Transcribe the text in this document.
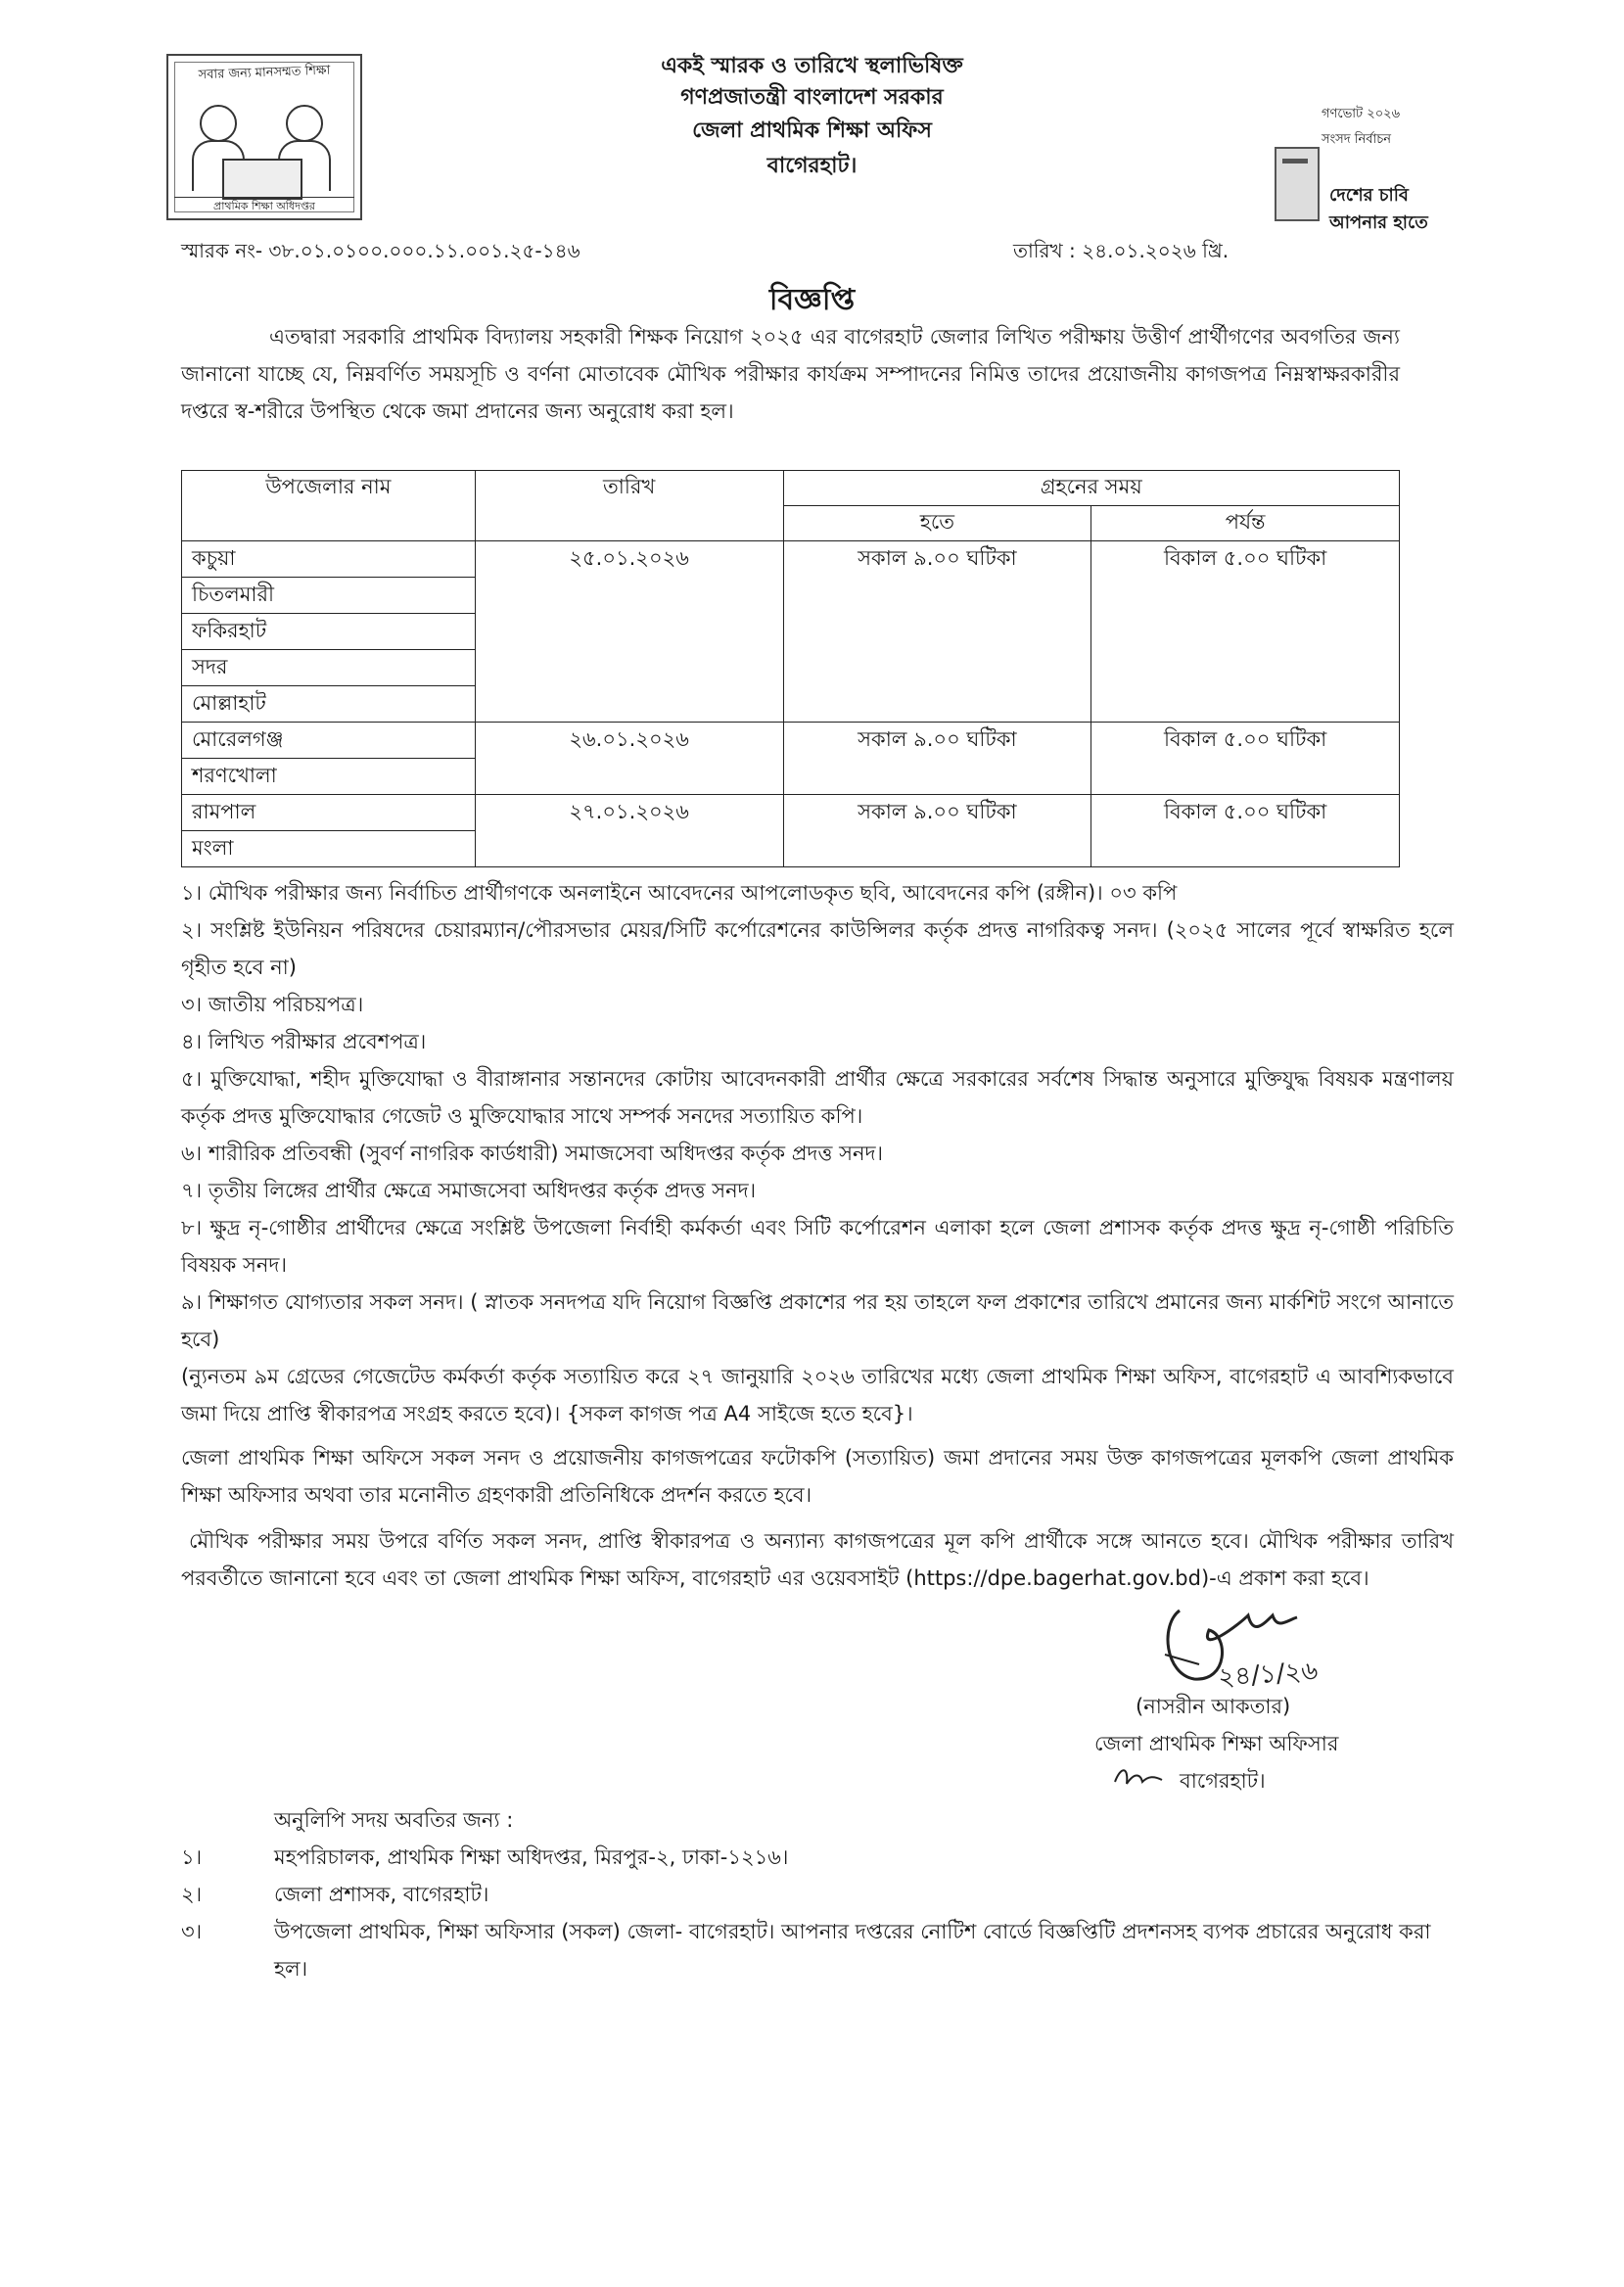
সবার জন্য মানসম্মত শিক্ষা
প্রাথমিক শিক্ষা অধিদপ্তর
একই স্মারক ও তারিখে স্থলাভিষিক্ত
গণপ্রজাতন্ত্রী বাংলাদেশ সরকার
জেলা প্রাথমিক শিক্ষা অফিস
বাগেরহাট।
গণভোট ২০২৬
সংসদ নির্বাচন
দেশের চাবি
আপনার হাতে
স্মারক নং- ৩৮.০১.০১০০.০০০.১১.০০১.২৫-১৪৬	তারিখ : ২৪.০১.২০২৬ খ্রি.
বিজ্ঞপ্তি
এতদ্বারা সরকারি প্রাথমিক বিদ্যালয় সহকারী শিক্ষক নিয়োগ ২০২৫ এর বাগেরহাট জেলার লিখিত পরীক্ষায় উত্তীর্ণ প্রার্থীগণের অবগতির জন্য জানানো যাচ্ছে যে, নিম্নবর্ণিত সময়সূচি ও বর্ণনা মোতাবেক মৌখিক পরীক্ষার কার্যক্রম সম্পাদনের নিমিত্ত তাদের প্রয়োজনীয় কাগজপত্র নিম্নস্বাক্ষরকারীর দপ্তরে স্ব-শরীরে উপস্থিত থেকে জমা প্রদানের জন্য অনুরোধ করা হল।
উপজেলার নাম	তারিখ	গ্রহনের সময়	
		হতে	পর্যন্ত
কচুয়া	২৫.০১.২০২৬	সকাল ৯.০০ ঘটিকা	বিকাল ৫.০০ ঘটিকা
চিতলমারী			
ফকিরহাট			
সদর			
মোল্লাহাট			
মোরেলগঞ্জ	২৬.০১.২০২৬	সকাল ৯.০০ ঘটিকা	বিকাল ৫.০০ ঘটিকা
শরণখোলা			
রামপাল	২৭.০১.২০২৬	সকাল ৯.০০ ঘটিকা	বিকাল ৫.০০ ঘটিকা
মংলা			
১। মৌখিক পরীক্ষার জন্য নির্বাচিত প্রার্থীগণকে অনলাইনে আবেদনের আপলোডকৃত ছবি, আবেদনের কপি (রঙ্গীন)। ০৩ কপি
২। সংশ্লিষ্ট ইউনিয়ন পরিষদের চেয়ারম্যান/পৌরসভার মেয়র/সিটি কর্পোরেশনের কাউন্সিলর কর্তৃক প্রদত্ত নাগরিকত্ব সনদ। (২০২৫ সালের পূর্বে স্বাক্ষরিত হলে গৃহীত হবে না)
৩। জাতীয় পরিচয়পত্র।
৪। লিখিত পরীক্ষার প্রবেশপত্র।
৫। মুক্তিযোদ্ধা, শহীদ মুক্তিযোদ্ধা ও বীরাঙ্গানার সন্তানদের কোটায় আবেদনকারী প্রার্থীর ক্ষেত্রে সরকারের সর্বশেষ সিদ্ধান্ত অনুসারে মুক্তিযুদ্ধ বিষয়ক মন্ত্রণালয় কর্তৃক প্রদত্ত মুক্তিযোদ্ধার গেজেট ও মুক্তিযোদ্ধার সাথে সম্পর্ক সনদের সত্যায়িত কপি।
৬। শারীরিক প্রতিবন্ধী (সুবর্ণ নাগরিক কার্ডধারী) সমাজসেবা অধিদপ্তর কর্তৃক প্রদত্ত সনদ।
৭। তৃতীয় লিঙ্গের প্রার্থীর ক্ষেত্রে সমাজসেবা অধিদপ্তর কর্তৃক প্রদত্ত সনদ।
৮। ক্ষুদ্র নৃ-গোষ্ঠীর প্রার্থীদের ক্ষেত্রে সংশ্লিষ্ট উপজেলা নির্বাহী কর্মকর্তা এবং সিটি কর্পোরেশন এলাকা হলে জেলা প্রশাসক কর্তৃক প্রদত্ত ক্ষুদ্র নৃ-গোষ্ঠী পরিচিতি বিষয়ক সনদ।
৯। শিক্ষাগত যোগ্যতার সকল সনদ। ( স্নাতক সনদপত্র যদি নিয়োগ বিজ্ঞপ্তি প্রকাশের পর হয় তাহলে ফল প্রকাশের তারিখে প্রমানের জন্য মার্কশিট সংগে আনাতে হবে)
(ন্যুনতম ৯ম গ্রেডের গেজেটেড কর্মকর্তা কর্তৃক সত্যায়িত করে ২৭ জানুয়ারি ২০২৬ তারিখের মধ্যে জেলা প্রাথমিক শিক্ষা অফিস, বাগেরহাট এ আবশ্যিকভাবে জমা দিয়ে প্রাপ্তি স্বীকারপত্র সংগ্রহ করতে হবে)। {সকল কাগজ পত্র A4 সাইজে হতে হবে}।
জেলা প্রাথমিক শিক্ষা অফিসে সকল সনদ ও প্রয়োজনীয় কাগজপত্রের ফটোকপি (সত্যায়িত) জমা প্রদানের সময় উক্ত কাগজপত্রের মূলকপি জেলা প্রাথমিক শিক্ষা অফিসার অথবা তার মনোনীত গ্রহণকারী প্রতিনিধিকে প্রদর্শন করতে হবে।
মৌখিক পরীক্ষার সময় উপরে বর্ণিত সকল সনদ, প্রাপ্তি স্বীকারপত্র ও অন্যান্য কাগজপত্রের মূল কপি প্রার্থীকে সঙ্গে আনতে হবে। মৌখিক পরীক্ষার তারিখ পরবর্তীতে জানানো হবে এবং তা জেলা প্রাথমিক শিক্ষা অফিস, বাগেরহাট এর ওয়েবসাইট (https://dpe.bagerhat.gov.bd)-এ প্রকাশ করা হবে।
২৪/১/২৬
(নাসরীন আকতার)
জেলা প্রাথমিক শিক্ষা অফিসার
বাগেরহাট।
অনুলিপি সদয় অবতির জন্য :
১।	মহপরিচালক, প্রাথমিক শিক্ষা অধিদপ্তর, মিরপুর-২, ঢাকা-১২১৬।
২।	জেলা প্রশাসক, বাগেরহাট।
৩।	উপজেলা প্রাথমিক, শিক্ষা অফিসার (সকল) জেলা- বাগেরহাট। আপনার দপ্তরের নোটিশ বোর্ডে বিজ্ঞপ্তিটি প্রদশনসহ ব্যপক প্রচারের অনুরোধ করা হল।
